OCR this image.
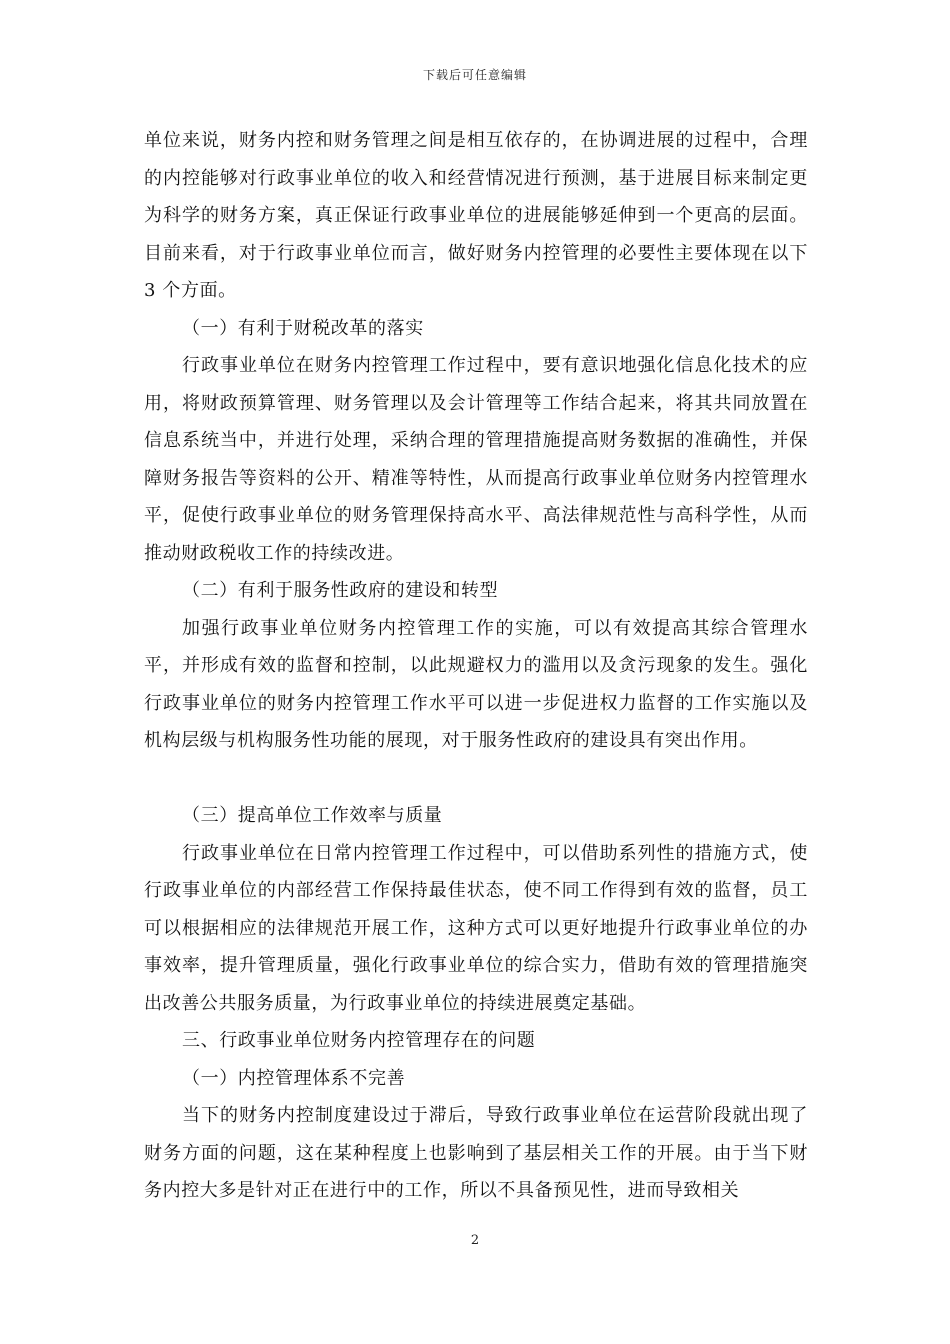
下载后可任意编辑

单位来说，财务内控和财务管理之间是相互依存的，在协调进展的过程中，合理的内控能够对行政事业单位的收入和经营情况进行预测，基于进展目标来制定更为科学的财务方案，真正保证行政事业单位的进展能够延伸到一个更高的层面。目前来看，对于行政事业单位而言，做好财务内控管理的必要性主要体现在以下 3 个方面。

（一）有利于财税改革的落实

行政事业单位在财务内控管理工作过程中，要有意识地强化信息化技术的应用，将财政预算管理、财务管理以及会计管理等工作结合起来，将其共同放置在信息系统当中，并进行处理，采纳合理的管理措施提高财务数据的准确性，并保障财务报告等资料的公开、精准等特性，从而提高行政事业单位财务内控管理水平，促使行政事业单位的财务管理保持高水平、高法律规范性与高科学性，从而推动财政税收工作的持续改进。

（二）有利于服务性政府的建设和转型

加强行政事业单位财务内控管理工作的实施，可以有效提高其综合管理水平，并形成有效的监督和控制，以此规避权力的滥用以及贪污现象的发生。强化行政事业单位的财务内控管理工作水平可以进一步促进权力监督的工作实施以及机构层级与机构服务性功能的展现，对于服务性政府的建设具有突出作用。

（三）提高单位工作效率与质量

行政事业单位在日常内控管理工作过程中，可以借助系列性的措施方式，使行政事业单位的内部经营工作保持最佳状态，使不同工作得到有效的监督，员工可以根据相应的法律规范开展工作，这种方式可以更好地提升行政事业单位的办事效率，提升管理质量，强化行政事业单位的综合实力，借助有效的管理措施突出改善公共服务质量，为行政事业单位的持续进展奠定基础。

三、行政事业单位财务内控管理存在的问题

（一）内控管理体系不完善

当下的财务内控制度建设过于滞后，导致行政事业单位在运营阶段就出现了财务方面的问题，这在某种程度上也影响到了基层相关工作的开展。由于当下财务内控大多是针对正在进行中的工作，所以不具备预见性，进而导致相关

2
